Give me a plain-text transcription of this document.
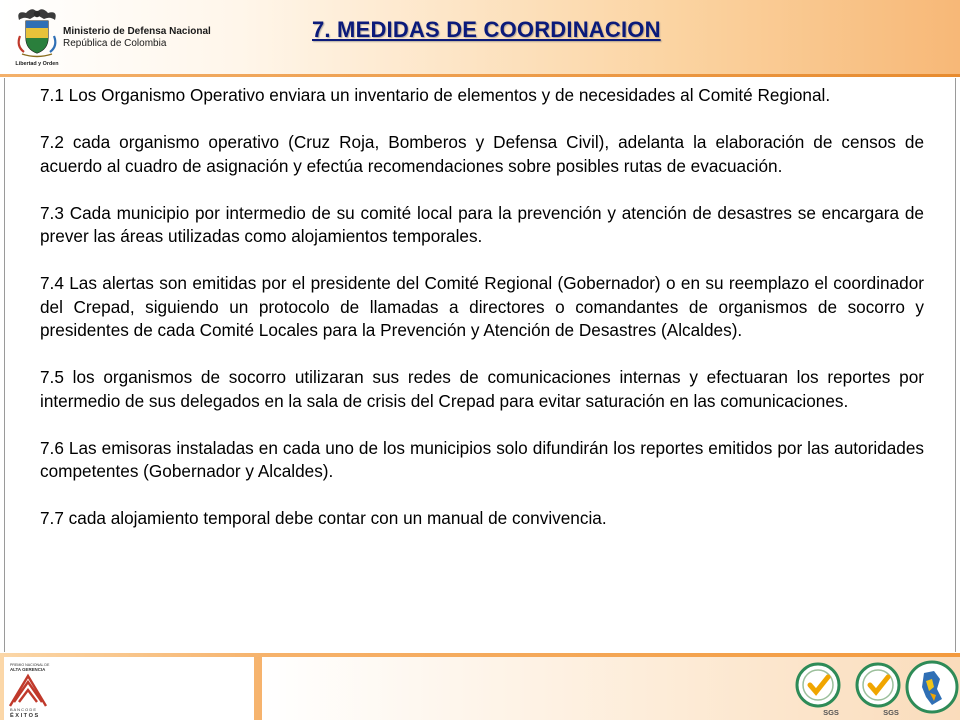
Libertad y Orden
Ministerio de Defensa Nacional
República de Colombia
7. MEDIDAS DE COORDINACION

7.1 Los Organismo Operativo enviara un inventario de elementos y de necesidades al Comité Regional.

7.2 cada organismo operativo (Cruz Roja, Bomberos y Defensa Civil), adelanta la elaboración de censos de acuerdo al cuadro de asignación y efectúa recomendaciones sobre posibles rutas de evacuación.

7.3 Cada municipio por intermedio de su comité local para la prevención y atención de desastres se encargara de prever las áreas utilizadas como alojamientos temporales.

7.4 Las alertas son emitidas por el presidente del Comité Regional (Gobernador) o en su reemplazo el coordinador del Crepad, siguiendo un protocolo de llamadas a directores o comandantes de organismos de socorro y presidentes de cada Comité Locales para la Prevención y Atención de Desastres (Alcaldes).

7.5 los organismos de socorro utilizaran sus redes de comunicaciones internas y efectuaran los reportes por intermedio de sus delegados en la sala de crisis del Crepad para evitar saturación en las comunicaciones.

7.6 Las emisoras instaladas en cada uno de los municipios solo difundirán los reportes emitidos por las autoridades competentes (Gobernador y Alcaldes).

7.7 cada alojamiento temporal debe contar con un manual de convivencia.

PREMIO NACIONAL DE
ALTA GERENCIA
B A N C O D E
É X I T O S	SGS	SGS
